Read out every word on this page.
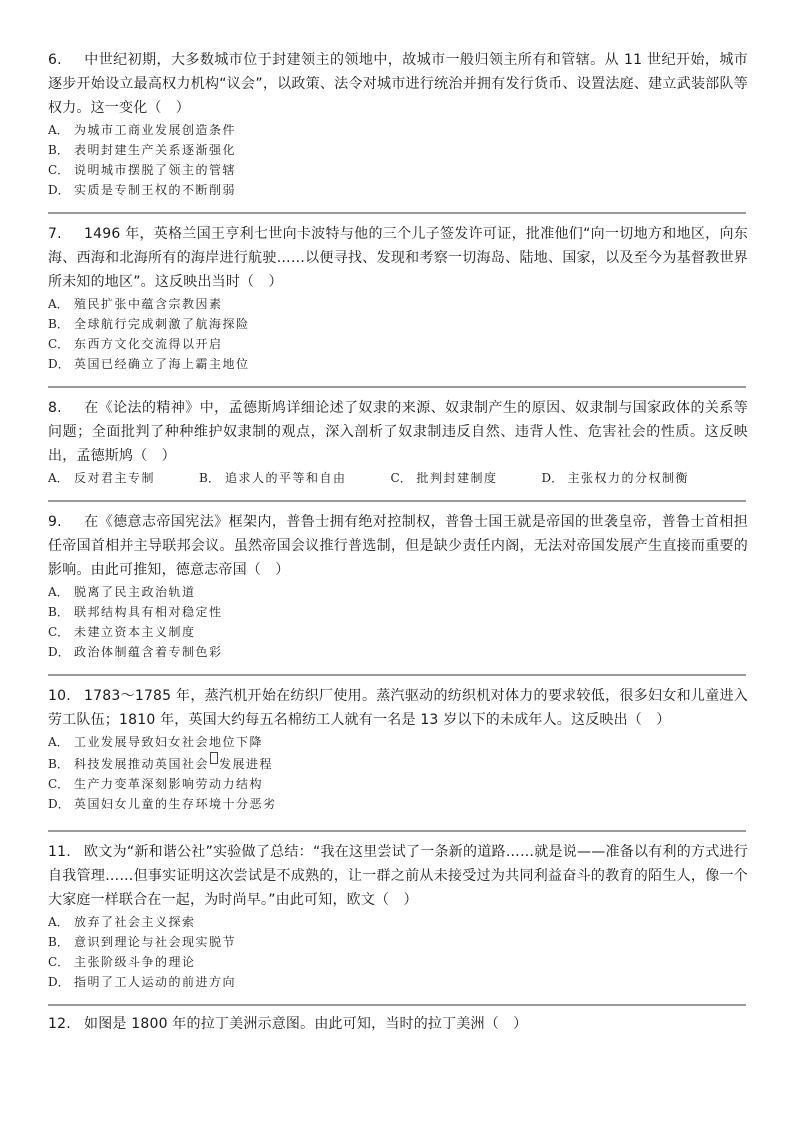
6. 中世纪初期，大多数城市位于封建领主的领地中，故城市一般归领主所有和管辖。从 11 世纪开始，城市逐步开始设立最高权力机构“议会”，以政策、法令对城市进行统治并拥有发行货币、设置法庭、建立武装部队等权力。这一变化（　）

A． 为城市工商业发展创造条件
B． 表明封建生产关系逐渐强化
C． 说明城市摆脱了领主的管辖
D． 实质是专制王权的不断削弱

7. 1496 年，英格兰国王亨利七世向卡波特与他的三个儿子签发许可证，批准他们“向一切地方和地区，向东海、西海和北海所有的海岸进行航驶……以便寻找、发现和考察一切海岛、陆地、国家，以及至今为基督教世界所未知的地区”。这反映出当时（　）

A． 殖民扩张中蕴含宗教因素
B． 全球航行完成刺激了航海探险
C． 东西方文化交流得以开启
D． 英国已经确立了海上霸主地位

8. 在《论法的精神》中，孟德斯鸠详细论述了奴隶的来源、奴隶制产生的原因、奴隶制与国家政体的关系等问题；全面批判了种种维护奴隶制的观点，深入剖析了奴隶制违反自然、违背人性、危害社会的性质。这反映出，孟德斯鸠（　）

A． 反对君主专制	B． 追求人的平等和自由	C． 批判封建制度	D． 主张权力的分权制衡

9. 在《德意志帝国宪法》框架内，普鲁士拥有绝对控制权，普鲁士国王就是帝国的世袭皇帝，普鲁士首相担任帝国首相并主导联邦会议。虽然帝国会议推行普选制，但是缺少责任内阁，无法对帝国发展产生直接而重要的影响。由此可推知，德意志帝国（　）

A． 脱离了民主政治轨道
B． 联邦结构具有相对稳定性
C． 未建立资本主义制度
D． 政治体制蕴含着专制色彩

10. 1783～1785 年，蒸汽机开始在纺织厂使用。蒸汽驱动的纺织机对体力的要求较低，很多妇女和儿童进入劳工队伍；1810 年，英国大约每五名棉纺工人就有一名是 13 岁以下的未成年人。这反映出（　）

A． 工业发展导致妇女社会地位下降
B． 科技发展推动英国社会 发展进程
C． 生产力变革深刻影响劳动力结构
D． 英国妇女儿童的生存环境十分恶劣

11. 欧文为“新和谐公社”实验做了总结：“我在这里尝试了一条新的道路……就是说——准备以有利的方式进行自我管理……但事实证明这次尝试是不成熟的，让一群之前从未接受过为共同利益奋斗的教育的陌生人，像一个大家庭一样联合在一起，为时尚早。”由此可知，欧文（　）

A． 放弃了社会主义探索
B． 意识到理论与社会现实脱节
C． 主张阶级斗争的理论
D． 指明了工人运动的前进方向

12. 如图是 1800 年的拉丁美洲示意图。由此可知，当时的拉丁美洲（　）
